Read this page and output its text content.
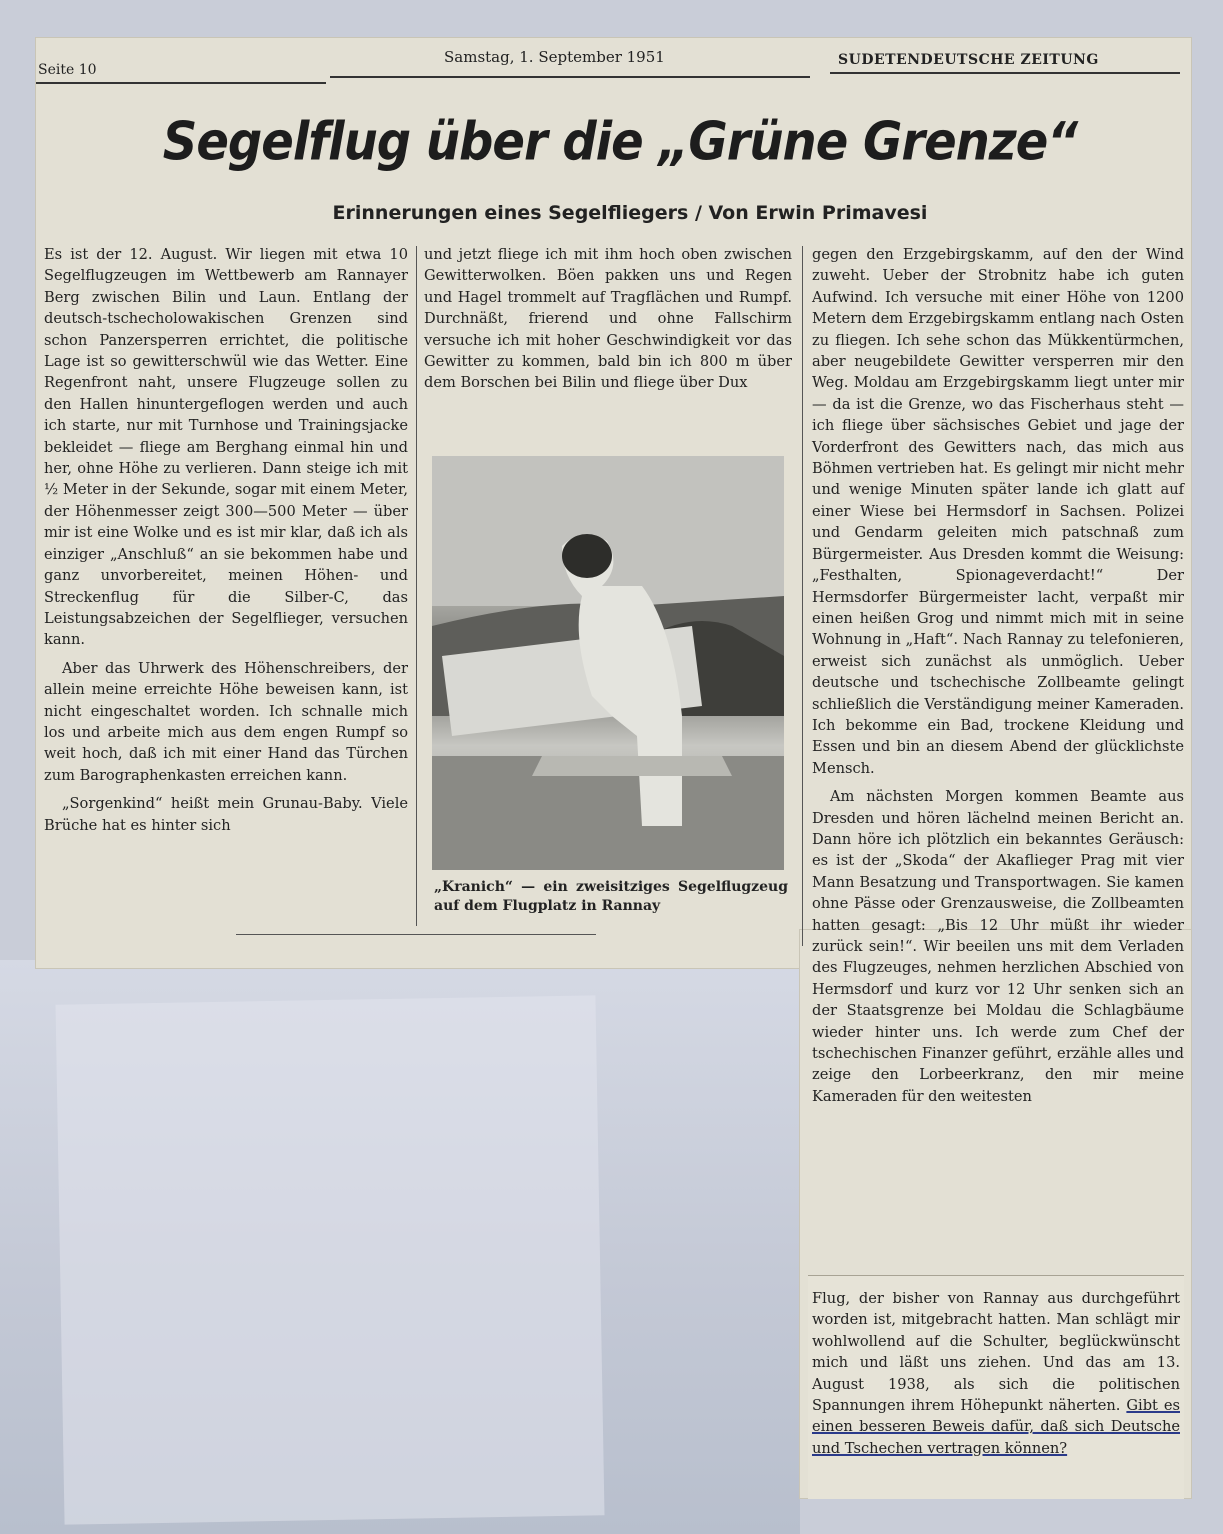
Seite 10
Samstag, 1. September 1951	SUDETENDEUTSCHE ZEITUNG
Segelflug über die „Grüne Grenze“
Erinnerungen eines Segelfliegers / Von Erwin Primavesi

Es ist der 12. August. Wir liegen mit etwa 10 Segelflugzeugen im Wettbewerb am Rannayer Berg zwischen Bilin und Laun. Entlang der deutsch-tschecholowakischen Grenzen sind schon Panzersperren errichtet, die politische Lage ist so gewitterschwül wie das Wetter. Eine Regenfront naht, unsere Flugzeuge sollen zu den Hallen hinuntergeflogen werden und auch ich starte, nur mit Turnhose und Trainingsjacke bekleidet — fliege am Berghang einmal hin und her, ohne Höhe zu verlieren. Dann steige ich mit ½ Meter in der Sekunde, sogar mit einem Meter, der Höhenmesser zeigt 300—500 Meter — über mir ist eine Wolke und es ist mir klar, daß ich als einziger „Anschluß“ an sie bekommen habe und ganz unvorbereitet, meinen Höhen- und Streckenflug für die Silber-C, das Leistungsabzeichen der Segelflieger, versuchen kann.

Aber das Uhrwerk des Höhenschreibers, der allein meine erreichte Höhe beweisen kann, ist nicht eingeschaltet worden. Ich schnalle mich los und arbeite mich aus dem engen Rumpf so weit hoch, daß ich mit einer Hand das Türchen zum Barographenkasten erreichen kann.

„Sorgenkind“ heißt mein Grunau-Baby. Viele Brüche hat es hinter sich

und jetzt fliege ich mit ihm hoch oben zwischen Gewitterwolken. Böen pakken uns und Regen und Hagel trommelt auf Tragflächen und Rumpf. Durchnäßt, frierend und ohne Fallschirm versuche ich mit hoher Geschwindigkeit vor das Gewitter zu kommen, bald bin ich 800 m über dem Borschen bei Bilin und fliege über Dux

„Kranich“ — ein zweisitziges Segelflugzeug auf dem Flugplatz in Rannay

gegen den Erzgebirgskamm, auf den der Wind zuweht. Ueber der Strobnitz habe ich guten Aufwind. Ich versuche mit einer Höhe von 1200 Metern dem Erzgebirgskamm entlang nach Osten zu fliegen. Ich sehe schon das Mükkentürmchen, aber neugebildete Gewitter versperren mir den Weg. Moldau am Erzgebirgskamm liegt unter mir — da ist die Grenze, wo das Fischerhaus steht — ich fliege über sächsisches Gebiet und jage der Vorderfront des Gewitters nach, das mich aus Böhmen vertrieben hat. Es gelingt mir nicht mehr und wenige Minuten später lande ich glatt auf einer Wiese bei Hermsdorf in Sachsen. Polizei und Gendarm geleiten mich patschnaß zum Bürgermeister. Aus Dresden kommt die Weisung: „Festhalten, Spionageverdacht!“ Der Hermsdorfer Bürgermeister lacht, verpaßt mir einen heißen Grog und nimmt mich mit in seine Wohnung in „Haft“. Nach Rannay zu telefonieren, erweist sich zunächst als unmöglich. Ueber deutsche und tschechische Zollbeamte gelingt schließlich die Verständigung meiner Kameraden. Ich bekomme ein Bad, trockene Kleidung und Essen und bin an diesem Abend der glücklichste Mensch.

Am nächsten Morgen kommen Beamte aus Dresden und hören lächelnd meinen Bericht an. Dann höre ich plötzlich ein bekanntes Geräusch: es ist der „Skoda“ der Akaflieger Prag mit vier Mann Besatzung und Transportwagen. Sie kamen ohne Pässe oder Grenzausweise, die Zollbeamten hatten gesagt: „Bis 12 Uhr müßt ihr wieder zurück sein!“. Wir beeilen uns mit dem Verladen des Flugzeuges, nehmen herzlichen Abschied von Hermsdorf und kurz vor 12 Uhr senken sich an der Staatsgrenze bei Moldau die Schlagbäume wieder hinter uns. Ich werde zum Chef der tschechischen Finanzer geführt, erzähle alles und zeige den Lorbeerkranz, den mir meine Kameraden für den weitesten

Flug, der bisher von Rannay aus durchgeführt worden ist, mitgebracht hatten. Man schlägt mir wohlwollend auf die Schulter, beglückwünscht mich und läßt uns ziehen. Und das am 13. August 1938, als sich die politischen Spannungen ihrem Höhepunkt näherten. Gibt es einen besseren Beweis dafür, daß sich Deutsche und Tschechen vertragen können?
